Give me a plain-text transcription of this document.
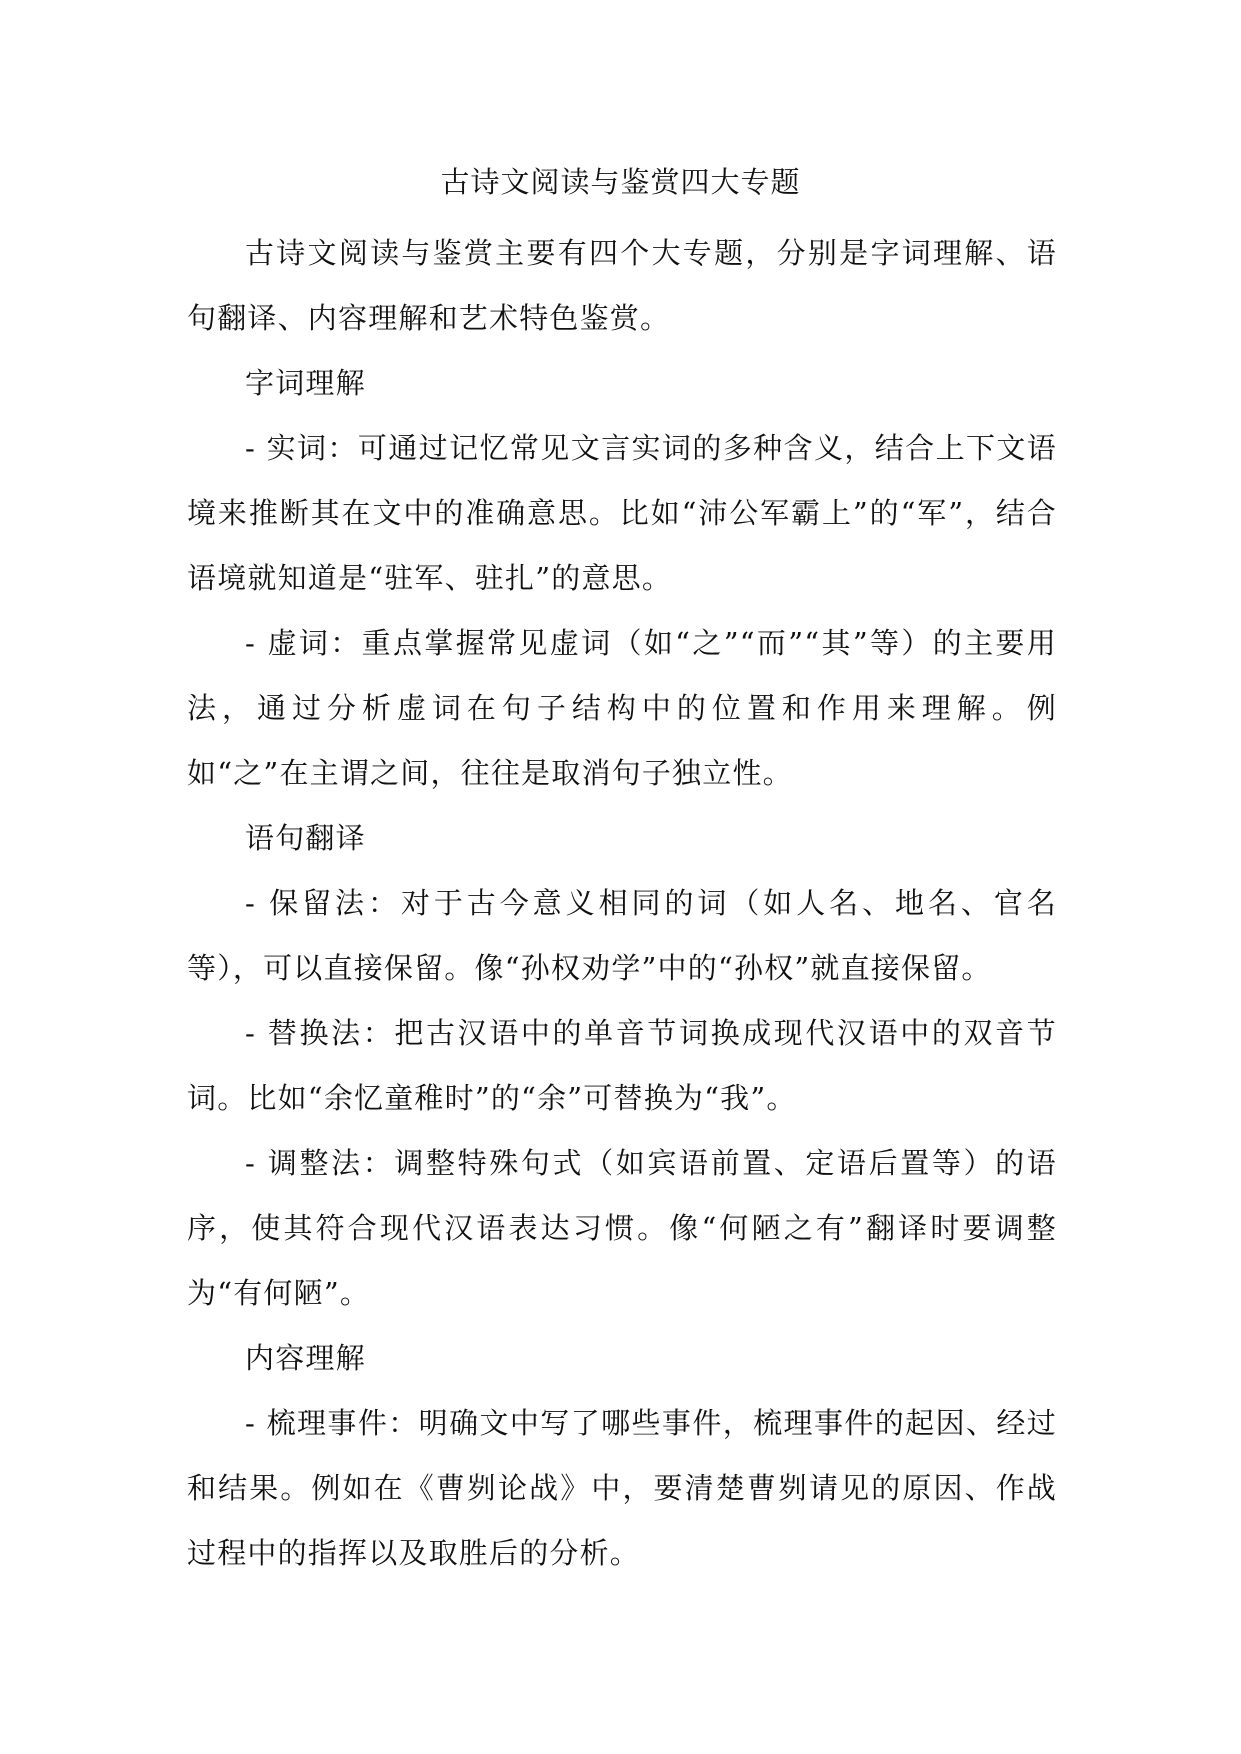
古诗文阅读与鉴赏四大专题

古诗文阅读与鉴赏主要有四个大专题，分别是字词理解、语句翻译、内容理解和艺术特色鉴赏。

字词理解

- 实词：可通过记忆常见文言实词的多种含义，结合上下文语境来推断其在文中的准确意思。比如“沛公军霸上”的“军”，结合语境就知道是“驻军、驻扎”的意思。

- 虚词：重点掌握常见虚词（如“之”“而”“其”等）的主要用法，通过分析虚词在句子结构中的位置和作用来理解。例如“之”在主谓之间，往往是取消句子独立性。

语句翻译

- 保留法：对于古今意义相同的词（如人名、地名、官名等），可以直接保留。像“孙权劝学”中的“孙权”就直接保留。

- 替换法：把古汉语中的单音节词换成现代汉语中的双音节词。比如“余忆童稚时”的“余”可替换为“我”。

- 调整法：调整特殊句式（如宾语前置、定语后置等）的语序，使其符合现代汉语表达习惯。像“何陋之有”翻译时要调整为“有何陋”。

内容理解

- 梳理事件：明确文中写了哪些事件，梳理事件的起因、经过和结果。例如在《曹刿论战》中，要清楚曹刿请见的原因、作战过程中的指挥以及取胜后的分析。
